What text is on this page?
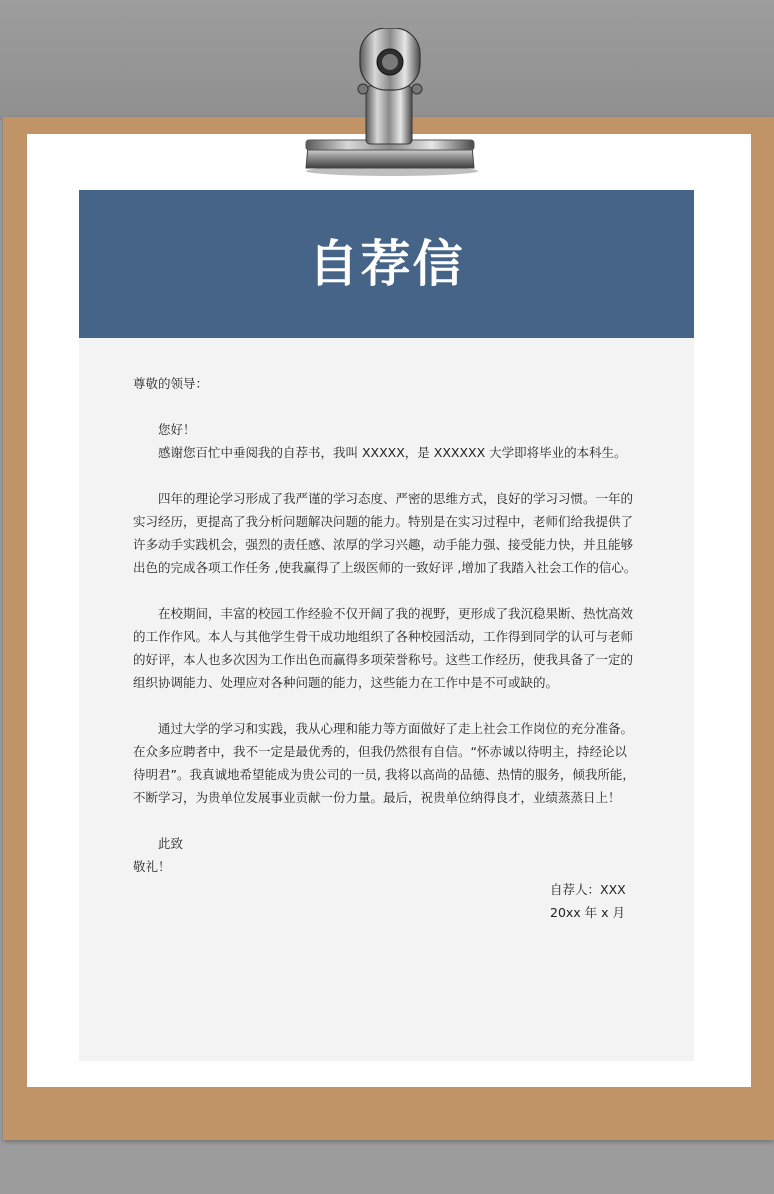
自荐信
尊敬的领导：
您好！
感谢您百忙中垂阅我的自荐书，我叫 XXXXX，是 XXXXXX 大学即将毕业的本科生。
四年的理论学习形成了我严谨的学习态度、严密的思维方式，良好的学习习惯。一年的
实习经历，更提高了我分析问题解决问题的能力。特别是在实习过程中，老师们给我提供了
许多动手实践机会，强烈的责任感、浓厚的学习兴趣，动手能力强、接受能力快，并且能够
出色的完成各项工作任务 ,使我赢得了上级医师的一致好评 ,增加了我踏入社会工作的信心。
在校期间，丰富的校园工作经验不仅开阔了我的视野，更形成了我沉稳果断、热忱高效
的工作作风。本人与其他学生骨干成功地组织了各种校园活动，工作得到同学的认可与老师
的好评，本人也多次因为工作出色而赢得多项荣誉称号。这些工作经历，使我具备了一定的
组织协调能力、处理应对各种问题的能力，这些能力在工作中是不可或缺的。
通过大学的学习和实践，我从心理和能力等方面做好了走上社会工作岗位的充分准备。
在众多应聘者中，我不一定是最优秀的，但我仍然很有自信。“怀赤诚以待明主，持经论以
待明君”。我真诚地希望能成为贵公司的一员, 我将以高尚的品德、热情的服务，倾我所能，
不断学习，为贵单位发展事业贡献一份力量。最后，祝贵单位纳得良才，业绩蒸蒸日上！
此致
敬礼！
自荐人：XXX
20xx 年 x 月
